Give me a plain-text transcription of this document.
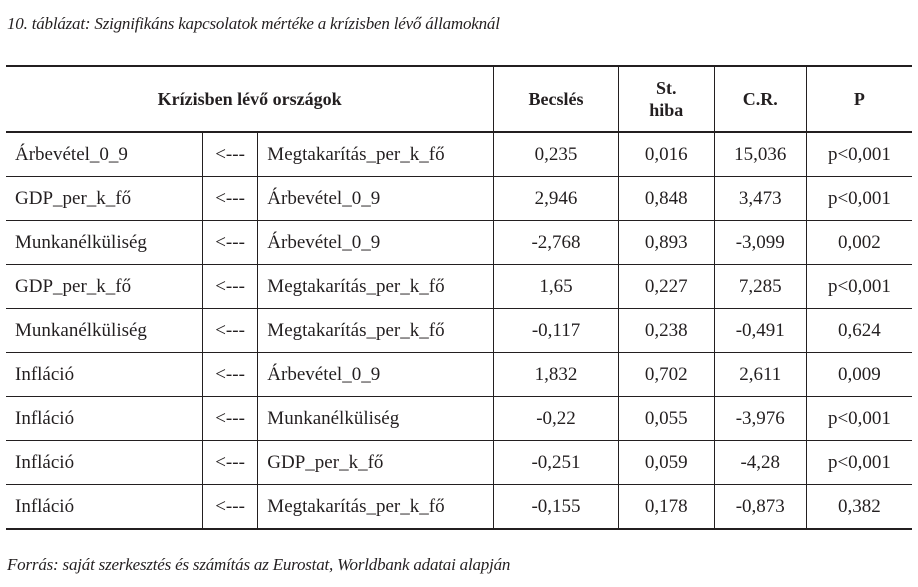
10. táblázat: Szignifikáns kapcsolatok mértéke a krízisben lévő államoknál
Krízisben lévő országok			Becslés	St.
hiba	C.R.	P
Árbevétel_0_9	<---	Megtakarítás_per_k_fő	0,235	0,016	15,036	p<0,001
GDP_per_k_fő	<---	Árbevétel_0_9	2,946	0,848	3,473	p<0,001
Munkanélküliség	<---	Árbevétel_0_9	-2,768	0,893	-3,099	0,002
GDP_per_k_fő	<---	Megtakarítás_per_k_fő	1,65	0,227	7,285	p<0,001
Munkanélküliség	<---	Megtakarítás_per_k_fő	-0,117	0,238	-0,491	0,624
Infláció	<---	Árbevétel_0_9	1,832	0,702	2,611	0,009
Infláció	<---	Munkanélküliség	-0,22	0,055	-3,976	p<0,001
Infláció	<---	GDP_per_k_fő	-0,251	0,059	-4,28	p<0,001
Infláció	<---	Megtakarítás_per_k_fő	-0,155	0,178	-0,873	0,382
Forrás: saját szerkesztés és számítás az Eurostat, Worldbank adatai alapján
